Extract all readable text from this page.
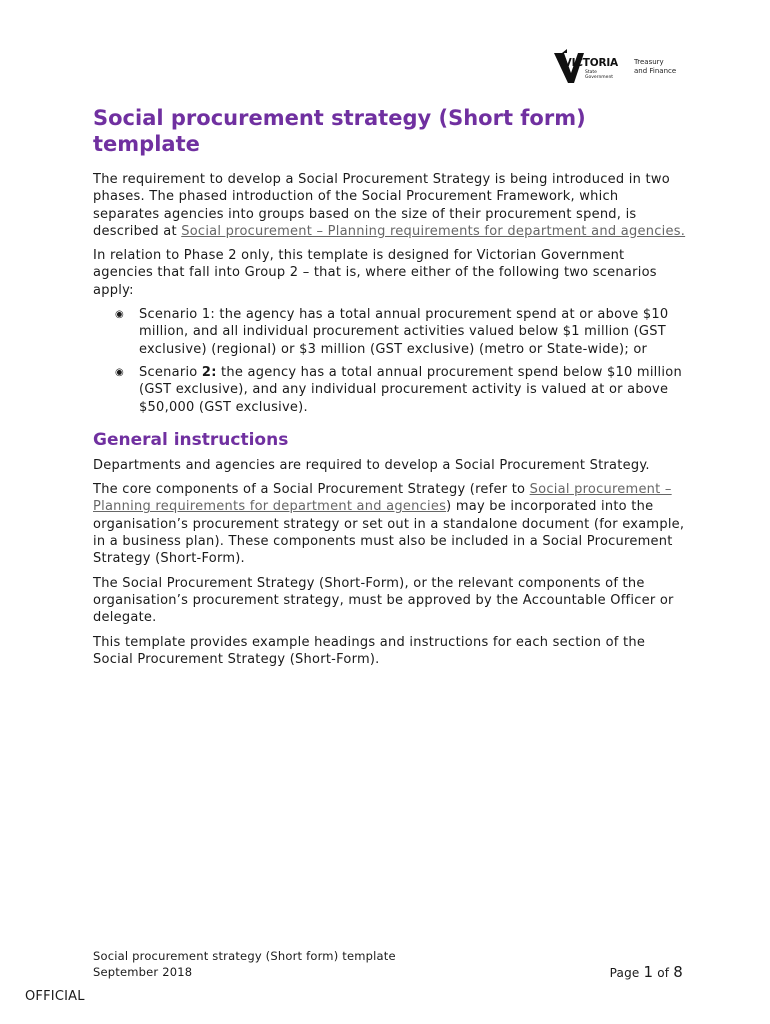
VICTORIA
State
Government
Treasury
and Finance
Social procurement strategy (Short form) template

The requirement to develop a Social Procurement Strategy is being introduced in two phases. The phased introduction of the Social Procurement Framework, which separates agencies into groups based on the size of their procurement spend, is described at Social procurement – Planning requirements for department and agencies.

In relation to Phase 2 only, this template is designed for Victorian Government agencies that fall into Group 2 – that is, where either of the following two scenarios apply:

◉ Scenario 1: the agency has a total annual procurement spend at or above $10 million, and all individual procurement activities valued below $1 million (GST exclusive) (regional) or $3 million (GST exclusive) (metro or State-wide); or
◉ Scenario 2: the agency has a total annual procurement spend below $10 million (GST exclusive), and any individual procurement activity is valued at or above $50,000 (GST exclusive).
General instructions

Departments and agencies are required to develop a Social Procurement Strategy.

The core components of a Social Procurement Strategy (refer to Social procurement – Planning requirements for department and agencies) may be incorporated into the organisation’s procurement strategy or set out in a standalone document (for example, in a business plan). These components must also be included in a Social Procurement Strategy (Short-Form).

The Social Procurement Strategy (Short-Form), or the relevant components of the organisation’s procurement strategy, must be approved by the Accountable Officer or delegate.

This template provides example headings and instructions for each section of the Social Procurement Strategy (Short-Form).

Social procurement strategy (Short form) template
September 2018	Page 1 of 8
OFFICIAL
